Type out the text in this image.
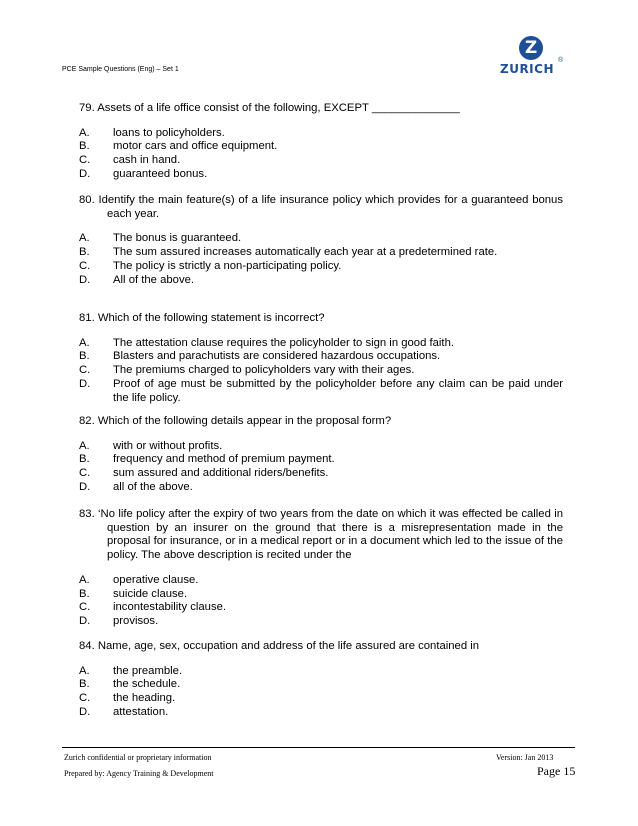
PCE Sample Questions (Eng) – Set 1
Z
®
ZURICH
79. Assets of a life office consist of the following, EXCEPT ______________
A.	loans to policyholders.
B.	motor cars and office equipment.
C.	cash in hand.
D.	guaranteed bonus.
80. Identify the main feature(s) of a life insurance policy which provides for a guaranteed bonus each year.
A.	The bonus is guaranteed.
B.	The sum assured increases automatically each year at a predetermined rate.
C.	The policy is strictly a non-participating policy.
D.	All of the above.
81. Which of the following statement is incorrect?
A.	The attestation clause requires the policyholder to sign in good faith.
B.	Blasters and parachutists are considered hazardous occupations.
C.	The premiums charged to policyholders vary with their ages.
D.	Proof of age must be submitted by the policyholder before any claim can be paid under the life policy.
82. Which of the following details appear in the proposal form?
A.	with or without profits.
B.	frequency and method of premium payment.
C.	sum assured and additional riders/benefits.
D.	all of the above.
83. ‘No life policy after the expiry of two years from the date on which it was effected be called in question by an insurer on the ground that there is a misrepresentation made in the proposal for insurance, or in a medical report or in a document which led to the issue of the policy. The above description is recited under the
A.	operative clause.
B.	suicide clause.
C.	incontestability clause.
D.	provisos.
84. Name, age, sex, occupation and address of the life assured are contained in
A.	the preamble.
B.	the schedule.
C.	the heading.
D.	attestation.
Zurich confidential or proprietary information
Prepared by: Agency Training & Development
Version: Jan 2013
Page 15
